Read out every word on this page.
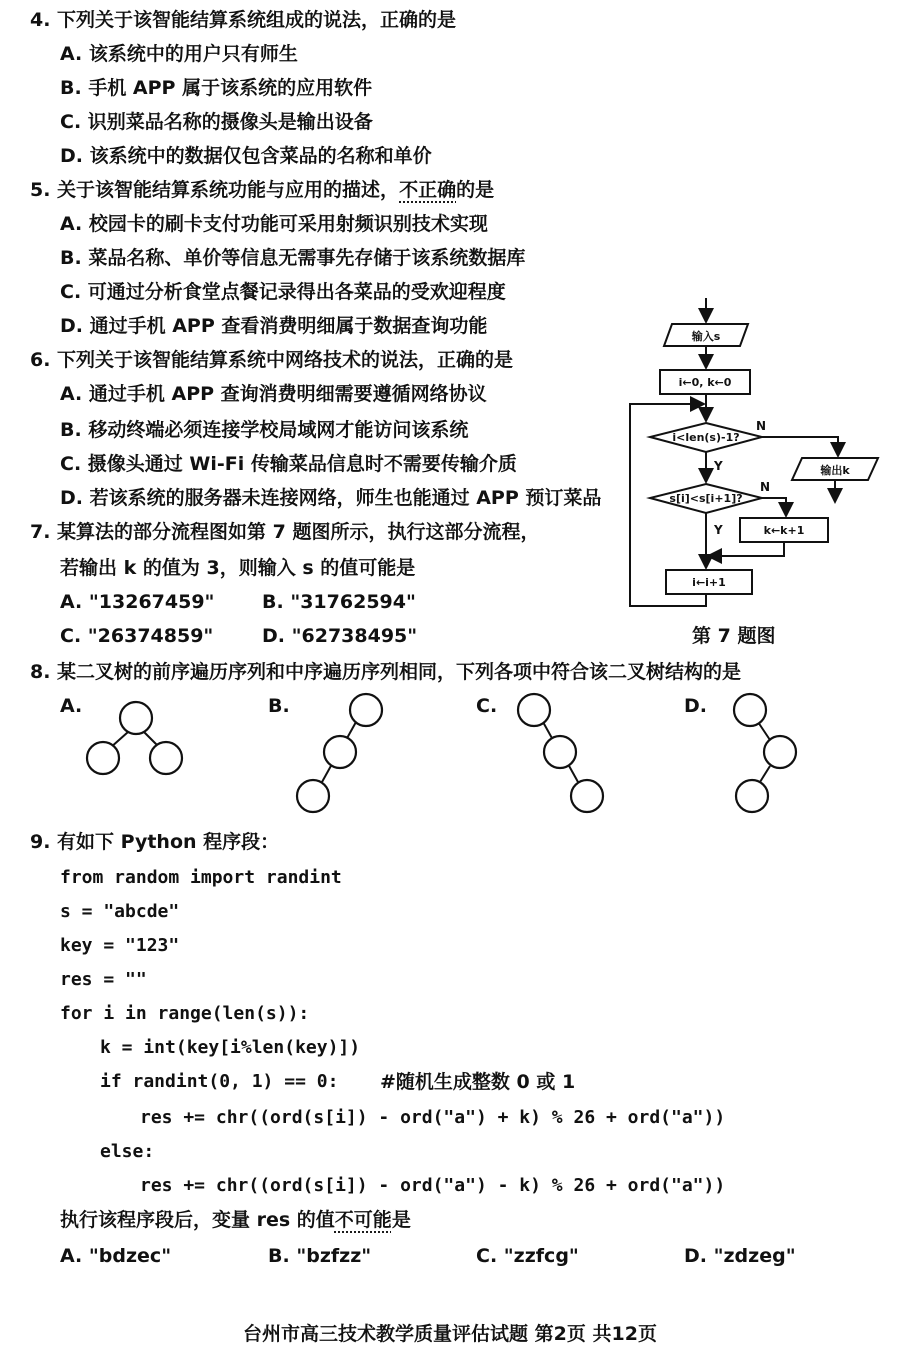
4. 下列关于该智能结算系统组成的说法，正确的是
A. 该系统中的用户只有师生
B. 手机 APP 属于该系统的应用软件
C. 识别菜品名称的摄像头是输出设备
D. 该系统中的数据仅包含菜品的名称和单价
5. 关于该智能结算系统功能与应用的描述，不正确的是
A. 校园卡的刷卡支付功能可采用射频识别技术实现
B. 菜品名称、单价等信息无需事先存储于该系统数据库
C. 可通过分析食堂点餐记录得出各菜品的受欢迎程度
D. 通过手机 APP 查看消费明细属于数据查询功能
6. 下列关于该智能结算系统中网络技术的说法，正确的是
A. 通过手机 APP 查询消费明细需要遵循网络协议
B. 移动终端必须连接学校局域网才能访问该系统
C. 摄像头通过 Wi-Fi 传输菜品信息时不需要传输介质
D. 若该系统的服务器未连接网络，师生也能通过 APP 预订菜品
7. 某算法的部分流程图如第 7 题图所示，执行这部分流程，
若输出 k 的值为 3，则输入 s 的值可能是
A. "13267459"	B. "31762594"
C. "26374859"	D. "62738495"	第 7 题图
8. 某二叉树的前序遍历序列和中序遍历序列相同，下列各项中符合该二叉树结构的是
A.	B.	C.	D.
9. 有如下 Python 程序段：
from random import randint
s = "abcde"
key = "123"
res = ""
for i in range(len(s)):
k = int(key[i%len(key)])
if randint(0, 1) == 0: #随机生成整数 0 或 1
res += chr((ord(s[i]) - ord("a") + k) % 26 + ord("a"))
else:
res += chr((ord(s[i]) - ord("a") - k) % 26 + ord("a"))
执行该程序段后，变量 res 的值不可能是
A. "bdzec"	B. "bzfzz"	C. "zzfcg"	D. "zdzeg"
台州市高三技术教学质量评估试题 第2页 共12页
输入s
i←0, k←0
i<len(s)-1?
N
输出k
Y
s[i]<s[i+1]?
N
k←k+1
Y
i←i+1
